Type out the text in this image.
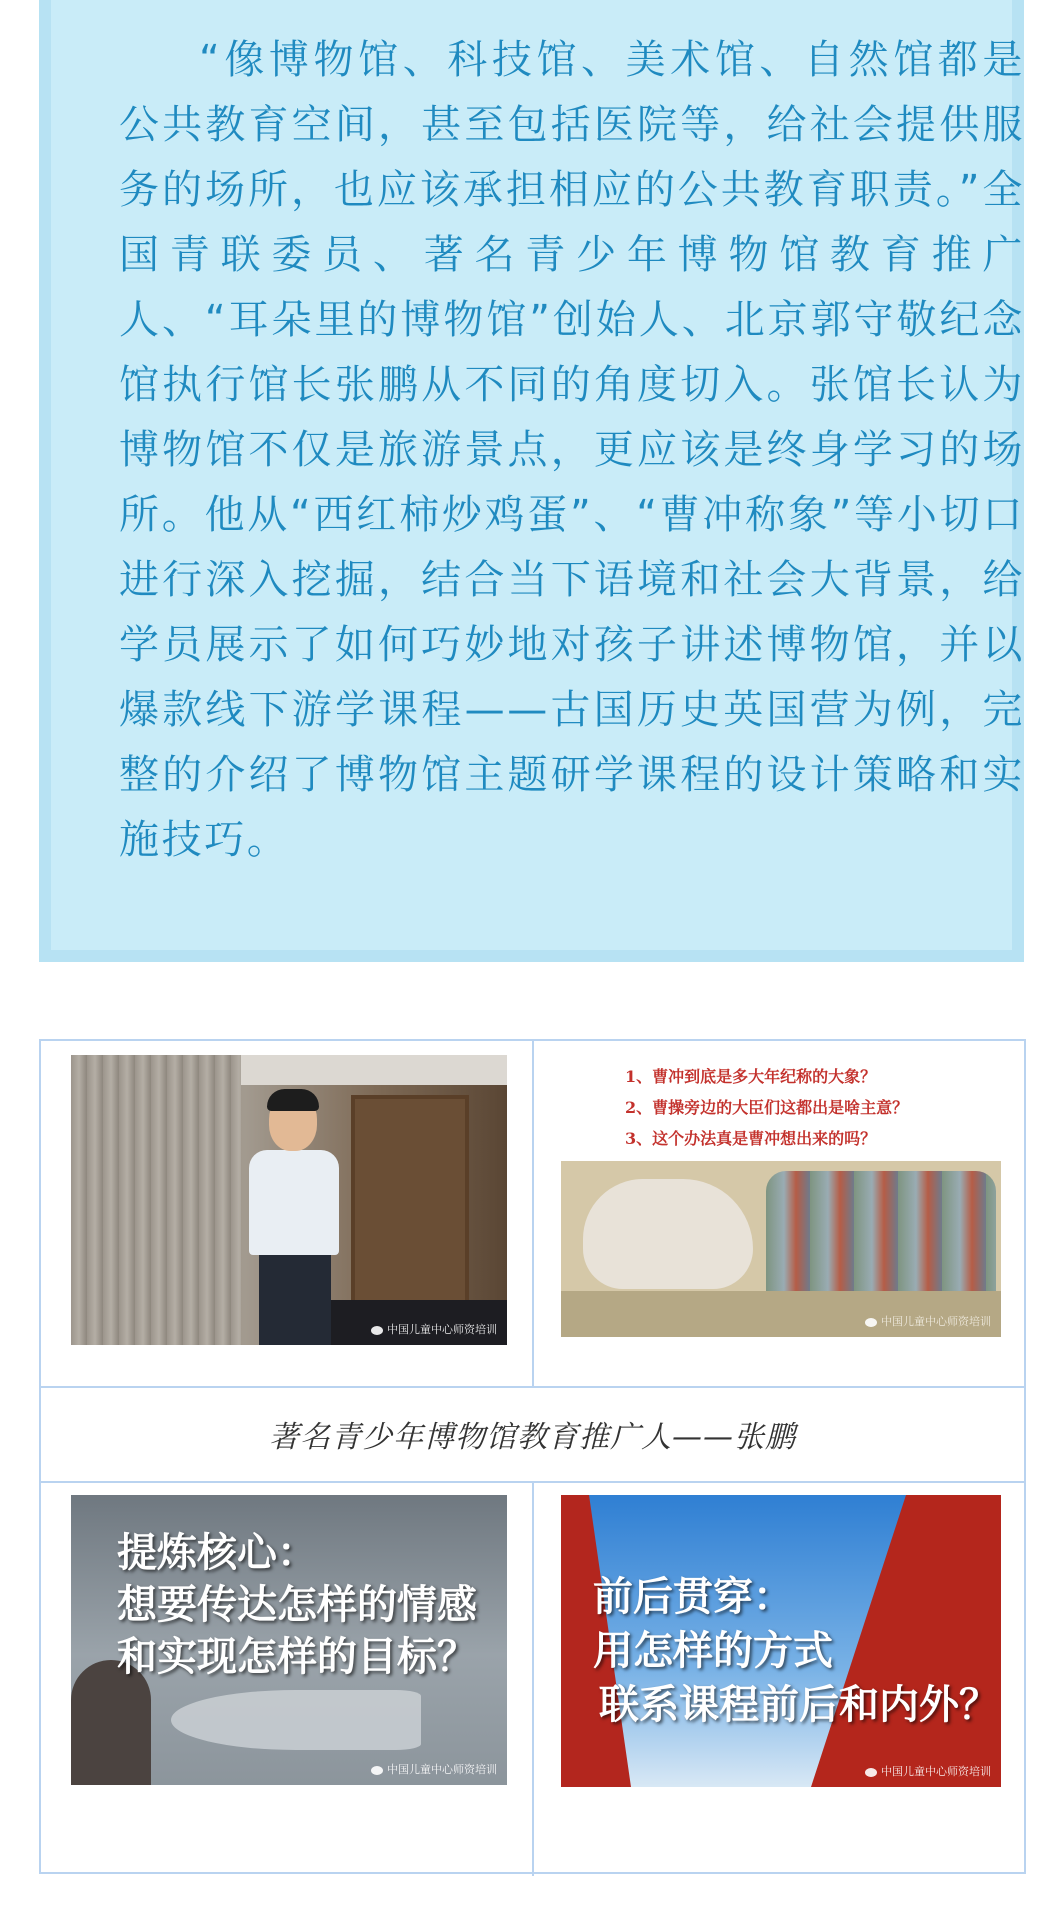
“像博物馆、科技馆、美术馆、自然馆都是公共教育空间，甚至包括医院等，给社会提供服务的场所，也应该承担相应的公共教育职责。”全国青联委员、著名青少年博物馆教育推广人、“耳朵里的博物馆”创始人、北京郭守敬纪念馆执行馆长张鹏从不同的角度切入。张馆长认为博物馆不仅是旅游景点，更应该是终身学习的场所。他从“西红柿炒鸡蛋”、“曹冲称象”等小切口进行深入挖掘，结合当下语境和社会大背景，给学员展示了如何巧妙地对孩子讲述博物馆，并以爆款线下游学课程——古国历史英国营为例，完整的介绍了博物馆主题研学课程的设计策略和实施技巧。

中国儿童中心师资培训
1、曹冲到底是多大年纪称的大象？
2、曹操旁边的大臣们这都出是啥主意？
3、这个办法真是曹冲想出来的吗？
中国儿童中心师资培训
著名青少年博物馆教育推广人——张鹏
提炼核心：
想要传达怎样的情感
和实现怎样的目标？
中国儿童中心师资培训
前后贯穿：
用怎样的方式
联系课程前后和内外？
中国儿童中心师资培训
